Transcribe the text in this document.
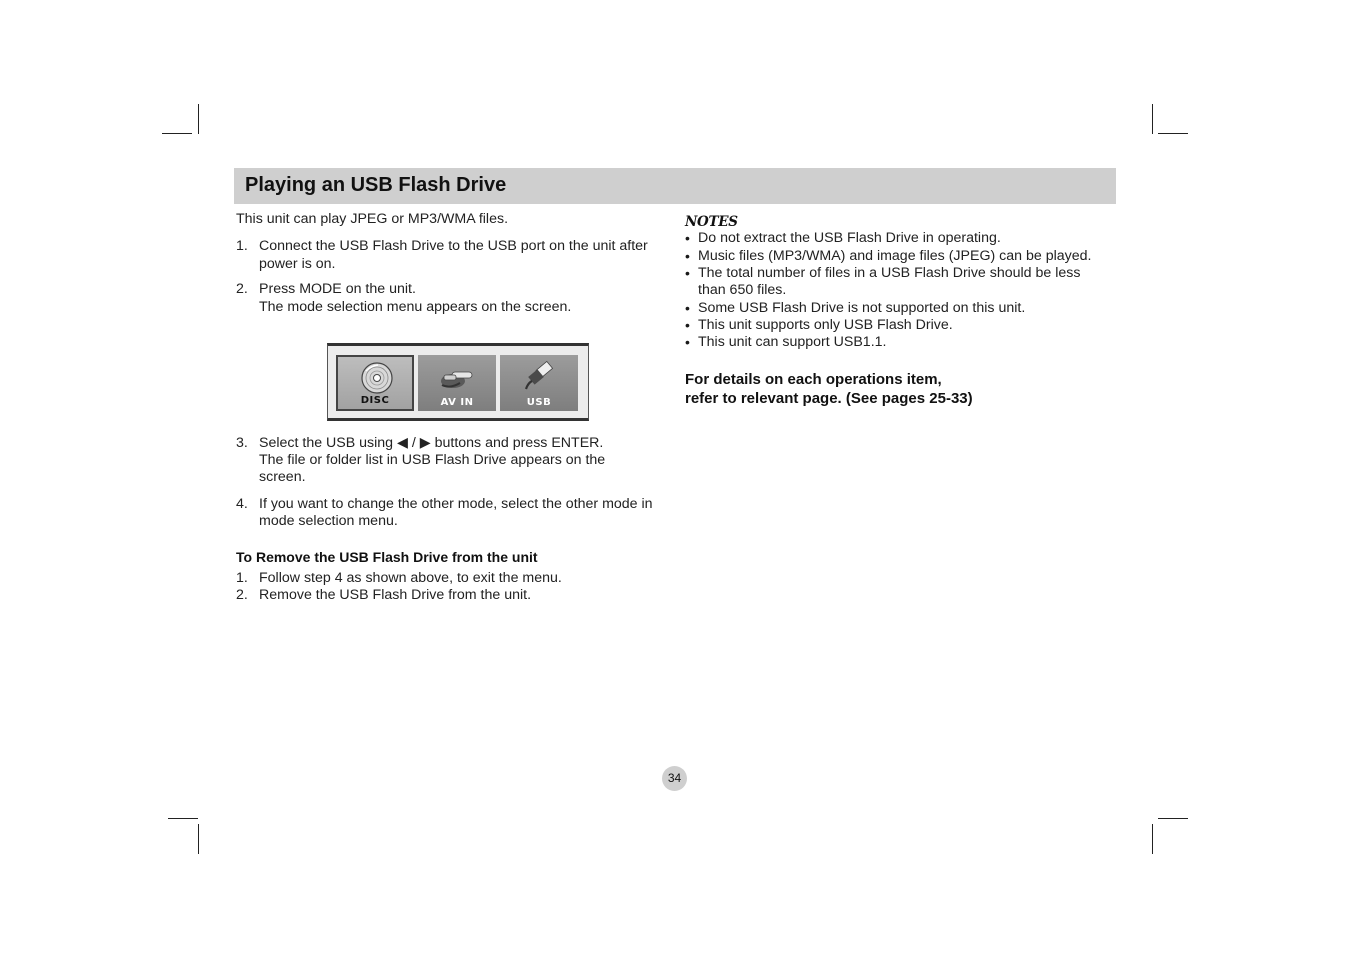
Playing an USB Flash Drive

This unit can play JPEG or MP3/WMA files.

1. Connect the USB Flash Drive to the USB port on the unit after
power is on.
2. Press MODE on the unit.
The mode selection menu appears on the screen.
DISC	AV IN	USB
3. Select the USB using ◀ / ▶ buttons and press ENTER.
The file or folder list in USB Flash Drive appears on the
screen.
4. If you want to change the other mode, select the other mode in
mode selection menu.
To Remove the USB Flash Drive from the unit
1. Follow step 4 as shown above, to exit the menu.
2. Remove the USB Flash Drive from the unit.
NOTES
• Do not extract the USB Flash Drive in operating.
• Music files (MP3/WMA) and image files (JPEG) can be played.
• The total number of files in a USB Flash Drive should be less
than 650 files.
• Some USB Flash Drive is not supported on this unit.
• This unit supports only USB Flash Drive.
• This unit can support USB1.1.
For details on each operations item,
refer to relevant page. (See pages 25-33)
34
